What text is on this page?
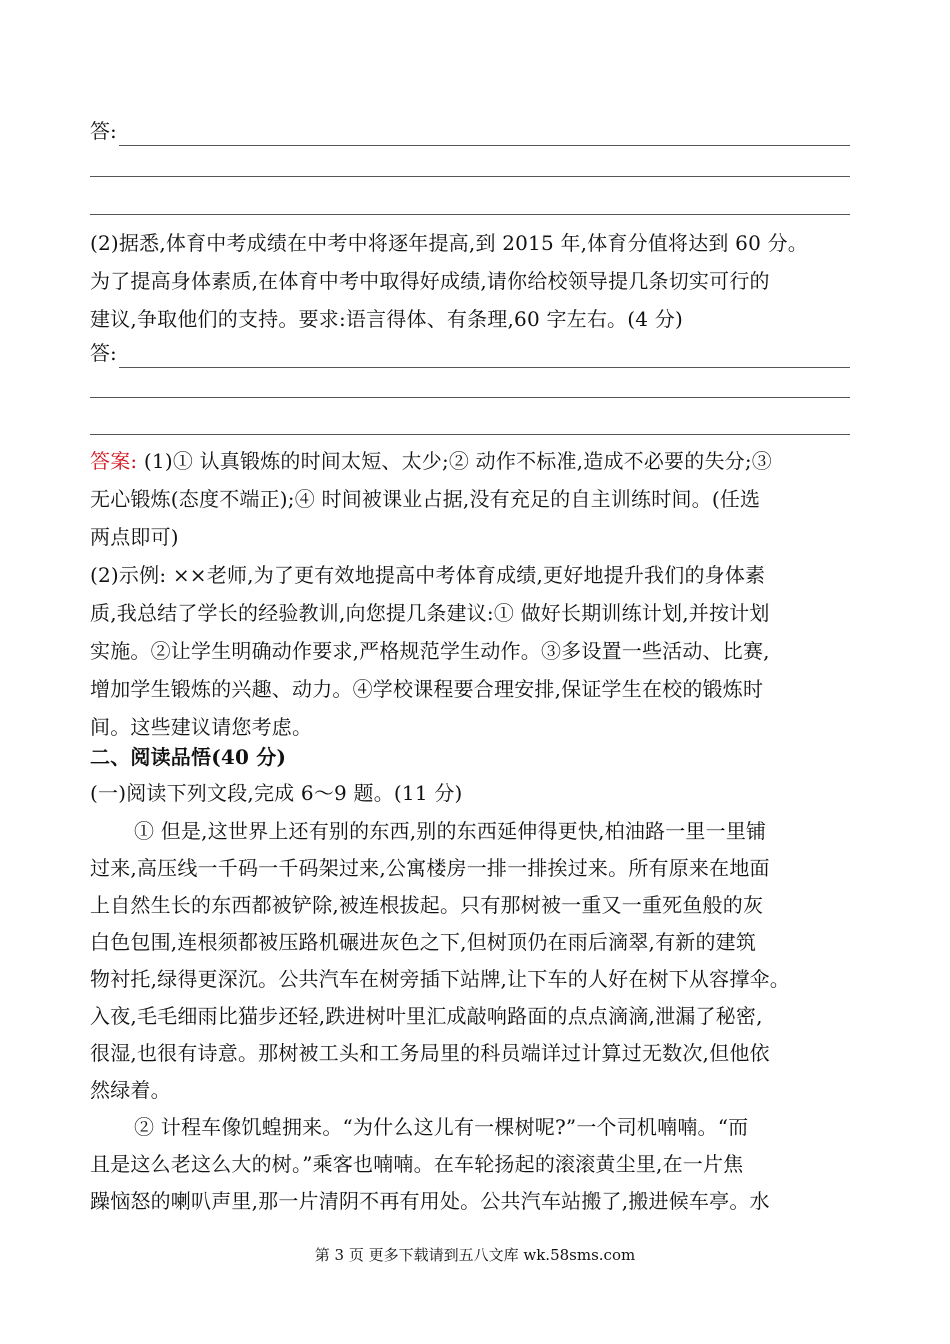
答:
(2)据悉,体育中考成绩在中考中将逐年提高,到 2015 年,体育分值将达到 60 分。
为了提高身体素质,在体育中考中取得好成绩,请你给校领导提几条切实可行的
建议,争取他们的支持。要求:语言得体、有条理,60 字左右。(4 分)
答:
答案: (1)① 认真锻炼的时间太短、太少;② 动作不标准,造成不必要的失分;③
无心锻炼(态度不端正);④ 时间被课业占据,没有充足的自主训练时间。(任选
两点即可)
(2)示例: ××老师,为了更有效地提高中考体育成绩,更好地提升我们的身体素
质,我总结了学长的经验教训,向您提几条建议:① 做好长期训练计划,并按计划
实施。②让学生明确动作要求,严格规范学生动作。③多设置一些活动、比赛,
增加学生锻炼的兴趣、动力。④学校课程要合理安排,保证学生在校的锻炼时
间。这些建议请您考虑。
二、阅读品悟(40 分)
(一)阅读下列文段,完成 6～9 题。(11 分)
① 但是,这世界上还有别的东西,别的东西延伸得更快,柏油路一里一里铺
过来,高压线一千码一千码架过来,公寓楼房一排一排挨过来。所有原来在地面
上自然生长的东西都被铲除,被连根拔起。只有那树被一重又一重死鱼般的灰
白色包围,连根须都被压路机碾进灰色之下,但树顶仍在雨后滴翠,有新的建筑
物衬托,绿得更深沉。公共汽车在树旁插下站牌,让下车的人好在树下从容撑伞。
入夜,毛毛细雨比猫步还轻,跌进树叶里汇成敲响路面的点点滴滴,泄漏了秘密,
很湿,也很有诗意。那树被工头和工务局里的科员端详过计算过无数次,但他依
然绿着。
② 计程车像饥蝗拥来。“为什么这儿有一棵树呢?”一个司机喃喃。“而
且是这么老这么大的树。”乘客也喃喃。在车轮扬起的滚滚黄尘里,在一片焦
躁恼怒的喇叭声里,那一片清阴不再有用处。公共汽车站搬了,搬进候车亭。水
第 3 页 更多下载请到五八文库 wk.58sms.com
